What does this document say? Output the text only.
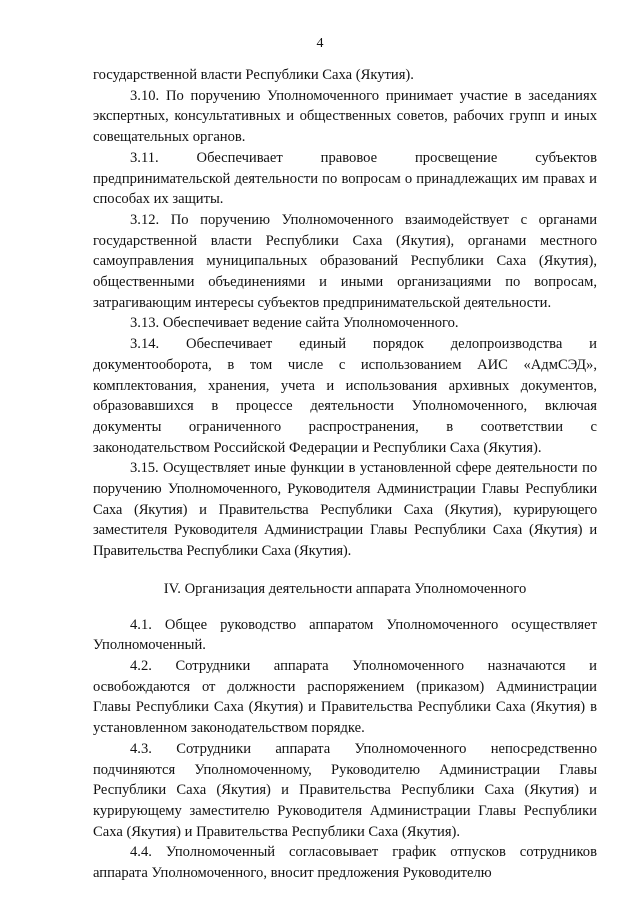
4

государственной власти Республики Саха (Якутия).

3.10. По поручению Уполномоченного принимает участие в заседаниях экспертных, консультативных и общественных советов, рабочих групп и иных совещательных органов.

3.11. Обеспечивает правовое просвещение субъектов предпринимательской деятельности по вопросам о принадлежащих им правах и способах их защиты.

3.12. По поручению Уполномоченного взаимодействует с органами государственной власти Республики Саха (Якутия), органами местного самоуправления муниципальных образований Республики Саха (Якутия), общественными объединениями и иными организациями по вопросам, затрагивающим интересы субъектов предпринимательской деятельности.

3.13. Обеспечивает ведение сайта Уполномоченного.

3.14. Обеспечивает единый порядок делопроизводства и документооборота, в том числе с использованием АИС «АдмСЭД», комплектования, хранения, учета и использования архивных документов, образовавшихся в процессе деятельности Уполномоченного, включая документы ограниченного распространения, в соответствии с законодательством Российской Федерации и Республики Саха (Якутия).

3.15. Осуществляет иные функции в установленной сфере деятельности по поручению Уполномоченного, Руководителя Администрации Главы Республики Саха (Якутия) и Правительства Республики Саха (Якутия), курирующего заместителя Руководителя Администрации Главы Республики Саха (Якутия) и Правительства Республики Саха (Якутия).

IV. Организация деятельности аппарата Уполномоченного

4.1. Общее руководство аппаратом Уполномоченного осуществляет Уполномоченный.

4.2. Сотрудники аппарата Уполномоченного назначаются и освобождаются от должности распоряжением (приказом) Администрации Главы Республики Саха (Якутия) и Правительства Республики Саха (Якутия) в установленном законодательством порядке.

4.3. Сотрудники аппарата Уполномоченного непосредственно подчиняются Уполномоченному, Руководителю Администрации Главы Республики Саха (Якутия) и Правительства Республики Саха (Якутия) и курирующему заместителю Руководителя Администрации Главы Республики Саха (Якутия) и Правительства Республики Саха (Якутия).

4.4. Уполномоченный согласовывает график отпусков сотрудников аппарата Уполномоченного, вносит предложения Руководителю
